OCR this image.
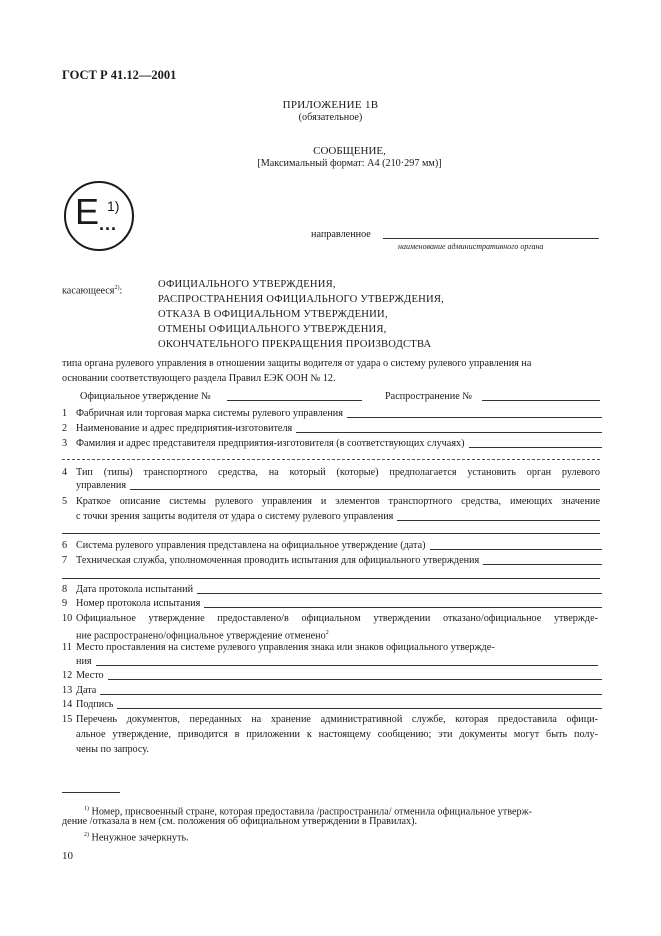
ГОСТ Р 41.12—2001
ПРИЛОЖЕНИЕ 1В
(обязательное)
СООБЩЕНИЕ,
[Максимальный формат: А4 (210·297 мм)]
E 1)
...
направленное
наименование административного органа
касающееся$^{2)}$:
ОФИЦИАЛЬНОГО УТВЕРЖДЕНИЯ,
РАСПРОСТРАНЕНИЯ ОФИЦИАЛЬНОГО УТВЕРЖДЕНИЯ,
ОТКАЗА В ОФИЦИАЛЬНОМ УТВЕРЖДЕНИИ,
ОТМЕНЫ ОФИЦИАЛЬНОГО УТВЕРЖДЕНИЯ,
ОКОНЧАТЕЛЬНОГО ПРЕКРАЩЕНИЯ ПРОИЗВОДСТВА
типа органа рулевого управления в отношении защиты водителя от удара о систему рулевого управления на
основании соответствующего раздела Правил ЕЭК ООН № 12.
Официальное утверждение №	Распространение №
1 Фабричная или торговая марка системы рулевого управления
2 Наименование и адрес предприятия-изготовителя
3 Фамилия и адрес представителя предприятия-изготовителя (в соответствующих случаях)
4 Тип (типы) транспортного средства, на который (которые) предполагается установить орган рулевого
управления
5 Краткое описание системы рулевого управления и элементов транспортного средства, имеющих значение
с точки зрения защиты водителя от удара о систему рулевого управления
6 Система рулевого управления представлена на официальное утверждение (дата)
7 Техническая служба, уполномоченная проводить испытания для официального утверждения
8 Дата протокола испытаний
9 Номер протокола испытания
10 Официальное утверждение предоставлено/в официальном утверждении отказано/официальное утвержде-
ние распространено/официальное утверждение отменено$^2$
11 Место проставления на системе рулевого управления знака или знаков официального утвержде-
ния
12 Место
13 Дата
14 Подпись
15 Перечень документов, переданных на хранение административной службе, которая предоставила офици-
альное утверждение, приводится в приложении к настоящему сообщению; эти документы могут быть полу-
чены по запросу.
$^{1)}$ Номер, присвоенный стране, которая предоставила /распространила/ отменила официальное утверж-
дение /отказала в нем (см. положения об официальном утверждении в Правилах).
$^{2)}$ Ненужное зачеркнуть.
10
